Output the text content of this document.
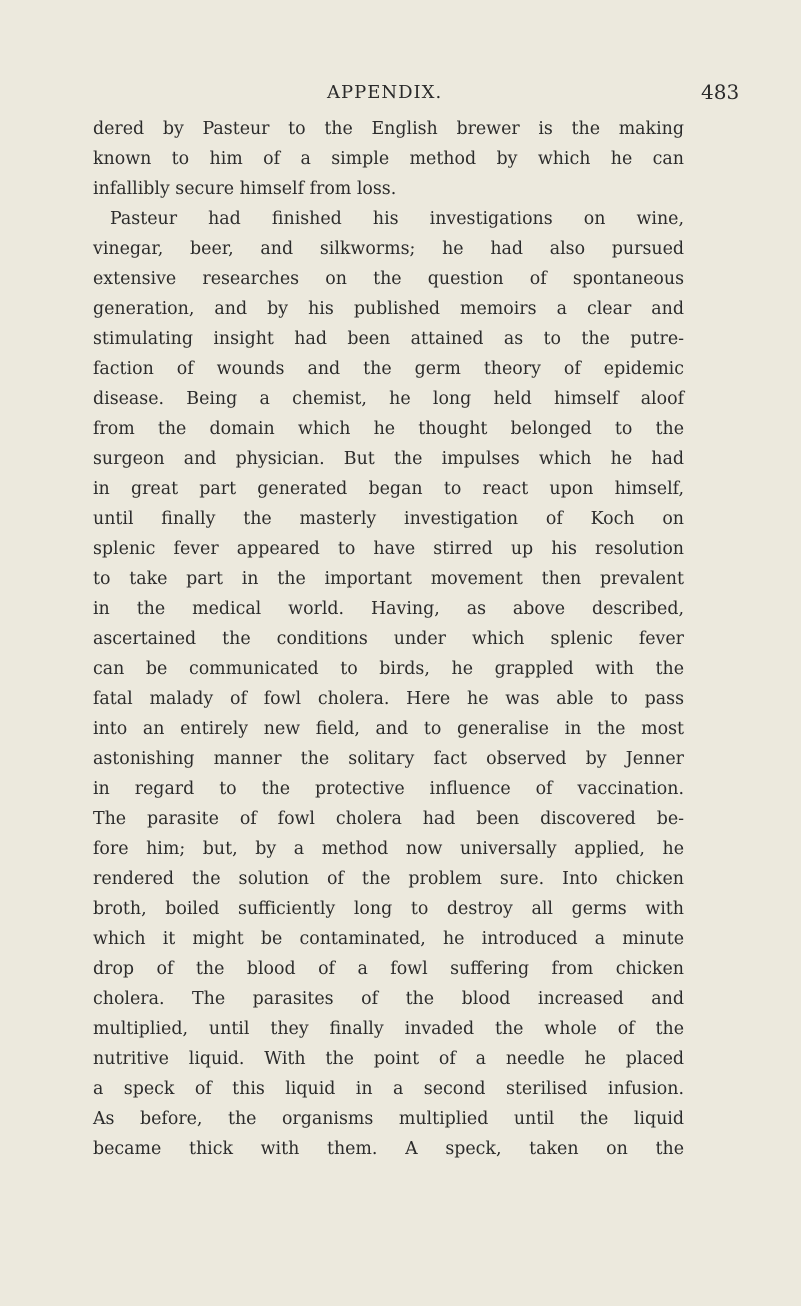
APPENDIX.	483
dered by Pasteur to the English brewer is the making
known to him of a simple method by which he can
infallibly secure himself from loss.
Pasteur had finished his investigations on wine,
vinegar, beer, and silkworms; he had also pursued
extensive researches on the question of spontaneous
generation, and by his published memoirs a clear and
stimulating insight had been attained as to the putre-
faction of wounds and the germ theory of epidemic
disease. Being a chemist, he long held himself aloof
from the domain which he thought belonged to the
surgeon and physician. But the impulses which he had
in great part generated began to react upon himself,
until finally the masterly investigation of Koch on
splenic fever appeared to have stirred up his resolution
to take part in the important movement then prevalent
in the medical world. Having, as above described,
ascertained the conditions under which splenic fever
can be communicated to birds, he grappled with the
fatal malady of fowl cholera. Here he was able to pass
into an entirely new field, and to generalise in the most
astonishing manner the solitary fact observed by Jenner
in regard to the protective influence of vaccination.
The parasite of fowl cholera had been discovered be-
fore him; but, by a method now universally applied, he
rendered the solution of the problem sure. Into chicken
broth, boiled sufficiently long to destroy all germs with
which it might be contaminated, he introduced a minute
drop of the blood of a fowl suffering from chicken
cholera. The parasites of the blood increased and
multiplied, until they finally invaded the whole of the
nutritive liquid. With the point of a needle he placed
a speck of this liquid in a second sterilised infusion.
As before, the organisms multiplied until the liquid
became thick with them. A speck, taken on the
